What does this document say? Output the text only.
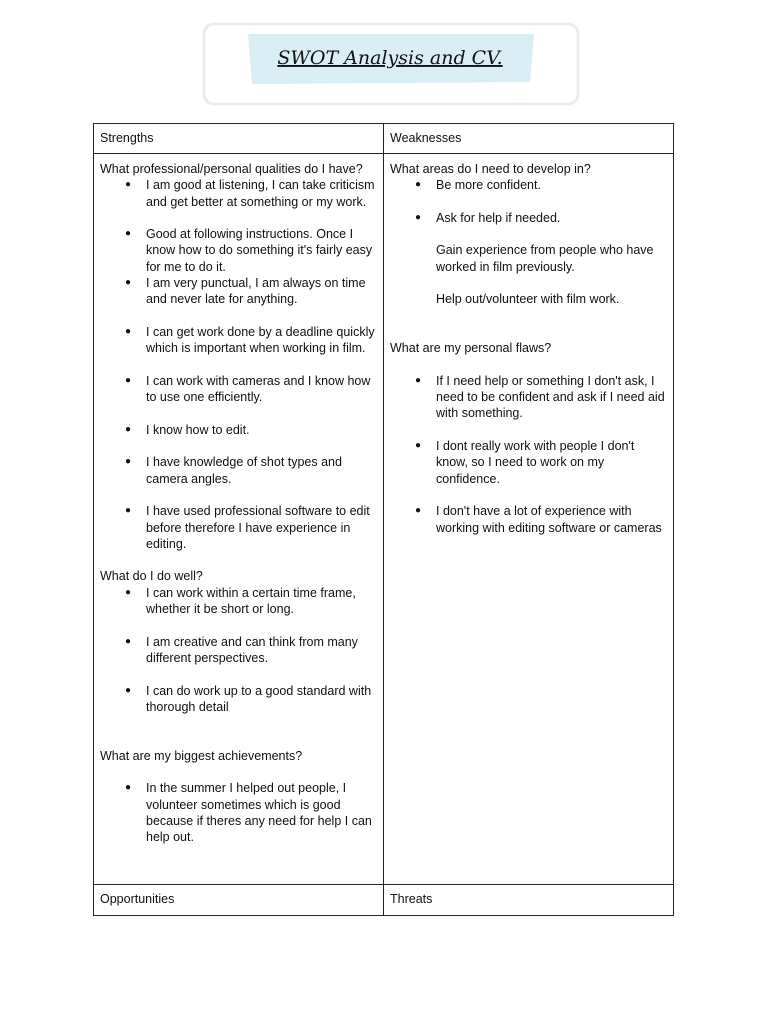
SWOT Analysis and CV.
Strengths	Weaknesses

What professional/personal qualities do I have?

● I am good at listening, I can take criticism and get better at something or my work.
● Good at following instructions. Once I know how to do something it's fairly easy for me to do it.
● I am very punctual, I am always on time and never late for anything.
● I can get work done by a deadline quickly which is important when working in film.
● I can work with cameras and I know how to use one efficiently.
● I know how to edit.
● I have knowledge of shot types and camera angles.
● I have used professional software to edit before therefore I have experience in editing.

What do I do well?

● I can work within a certain time frame, whether it be short or long.
● I am creative and can think from many different perspectives.
● I can do work up to a good standard with thorough detail

What are my biggest achievements?

● In the summer I helped out people, I volunteer sometimes which is good because if theres any need for help I can help out.

What areas do I need to develop in?

● Be more confident.
● Ask for help if needed.

Gain experience from people who have worked in film previously.

Help out/volunteer with film work.

What are my personal flaws?

● If I need help or something I don't ask, I need to be confident and ask if I need aid with something.
● I dont really work with people I don't know, so I need to work on my confidence.
● I don't have a lot of experience with working with editing software or cameras
Opportunities	Threats
